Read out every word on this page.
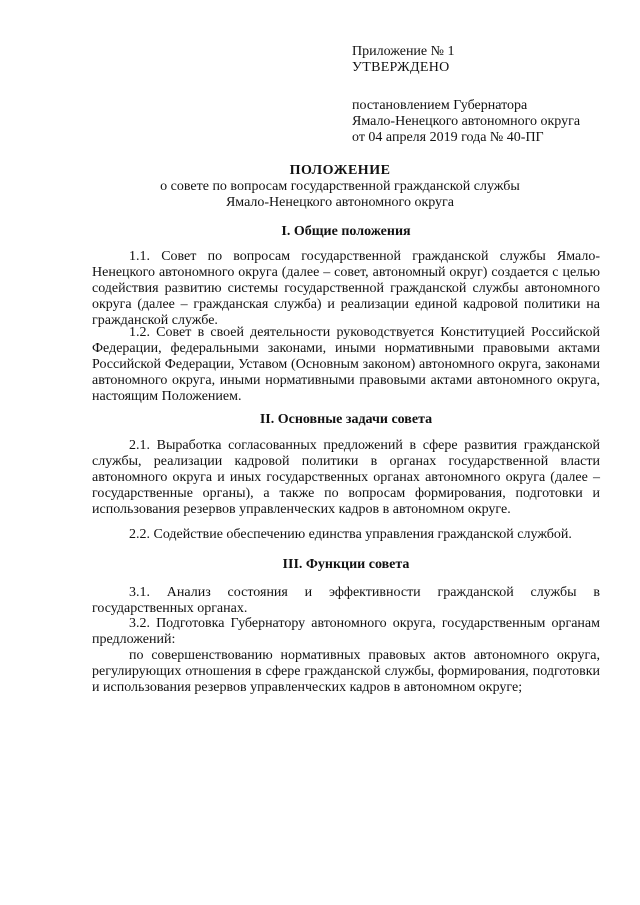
Приложение № 1
УТВЕРЖДЕНО
постановлением Губернатора
Ямало-Ненецкого автономного округа
от 04 апреля 2019 года № 40-ПГ
ПОЛОЖЕНИЕ
о совете по вопросам государственной гражданской службы
Ямало-Ненецкого автономного округа
I. Общие положения

1.1. Совет по вопросам государственной гражданской службы Ямало-Ненецкого автономного округа (далее – совет, автономный округ) создается с целью содействия развитию системы государственной гражданской службы автономного округа (далее – гражданская служба) и реализации единой кадровой политики на гражданской службе.

1.2. Совет в своей деятельности руководствуется Конституцией Российской Федерации, федеральными законами, иными нормативными правовыми актами Российской Федерации, Уставом (Основным законом) автономного округа, законами автономного округа, иными нормативными правовыми актами автономного округа, настоящим Положением.

II. Основные задачи совета

2.1. Выработка согласованных предложений в сфере развития гражданской службы, реализации кадровой политики в органах государственной власти автономного округа и иных государственных органах автономного округа (далее – государственные органы), а также по вопросам формирования, подготовки и использования резервов управленческих кадров в автономном округе.

2.2. Содействие обеспечению единства управления гражданской службой.

III. Функции совета

3.1. Анализ состояния и эффективности гражданской службы в государственных органах.

3.2. Подготовка Губернатору автономного округа, государственным органам предложений:

по совершенствованию нормативных правовых актов автономного округа, регулирующих отношения в сфере гражданской службы, формирования, подготовки и использования резервов управленческих кадров в автономном округе;
